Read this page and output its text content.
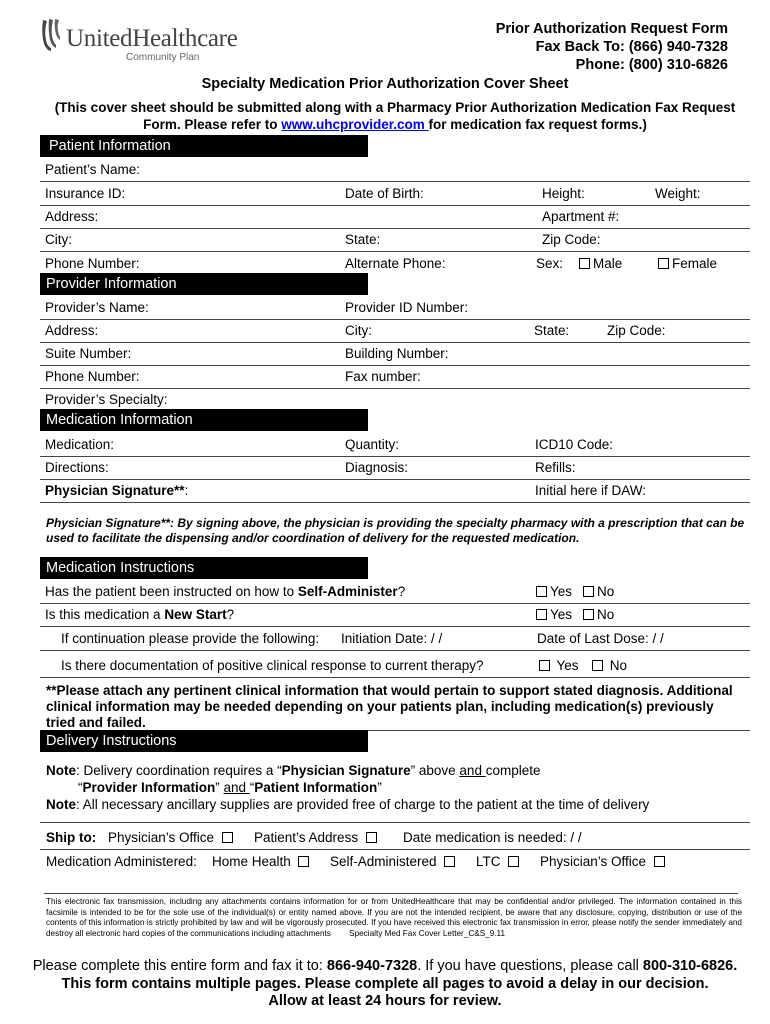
UnitedHealthcare
Community Plan
Prior Authorization Request Form
Fax Back To: (866) 940-7328
Phone: (800) 310-6826
Specialty Medication Prior Authorization Cover Sheet
(This cover sheet should be submitted along with a Pharmacy Prior Authorization Medication Fax Request Form. Please refer to www.uhcprovider.com for medication fax request forms.)
Patient Information
Patient’s Name:
Insurance ID:	Date of Birth:	Height:	Weight:
Address:	Apartment #:
City:	State:	Zip Code:
Phone Number:	Alternate Phone:	Sex:	Male	Female
Provider Information
Provider’s Name:	Provider ID Number:
Address:	City:	State:	Zip Code:
Suite Number:	Building Number:
Phone Number:	Fax number:
Provider’s Specialty:
Medication Information
Medication:	Quantity:	ICD10 Code:
Directions:	Diagnosis:	Refills:
Physician Signature**:	Initial here if DAW:
Physician Signature**: By signing above, the physician is providing the specialty pharmacy with a prescription that can be used to facilitate the dispensing and/or coordination of delivery for the requested medication.
Medication Instructions
Has the patient been instructed on how to Self-Administer?	Yes	No
Is this medication a New Start?	Yes	No
If continuation please provide the following: Initiation Date: / /	Date of Last Dose: / /
Is there documentation of positive clinical response to current therapy?	Yes	No
**Please attach any pertinent clinical information that would pertain to support stated diagnosis. Additional clinical information may be needed depending on your patients plan, including medication(s) previously tried and failed.
Delivery Instructions
Note: Delivery coordination requires a “Physician Signature” above and complete
“Provider Information” and “Patient Information”
Note: All necessary ancillary supplies are provided free of charge to the patient at the time of delivery
Ship to: Physician’s Office	Patient’s Address	Date medication is needed: / /
Medication Administered: Home Health	Self-Administered	LTC	Physician’s Office
This electronic fax transmission, including any attachments contains information for or from UnitedHealthcare that may be confidential and/or privileged. The information contained in this facsimile is intended to be for the sole use of the individual(s) or entity named above. If you are not the intended recipient, be aware that any disclosure, copying, distribution or use of the contents of this information is strictly prohibited by law and will be vigorously prosecuted. If you have received this electronic fax transmission in error, please notify the sender immediately and destroy all electronic hard copies of the communications including attachments Specialty Med Fax Cover Letter_C&S_9.11
Please complete this entire form and fax it to: 866-940-7328. If you have questions, please call 800-310-6826.
This form contains multiple pages. Please complete all pages to avoid a delay in our decision.
Allow at least 24 hours for review.
